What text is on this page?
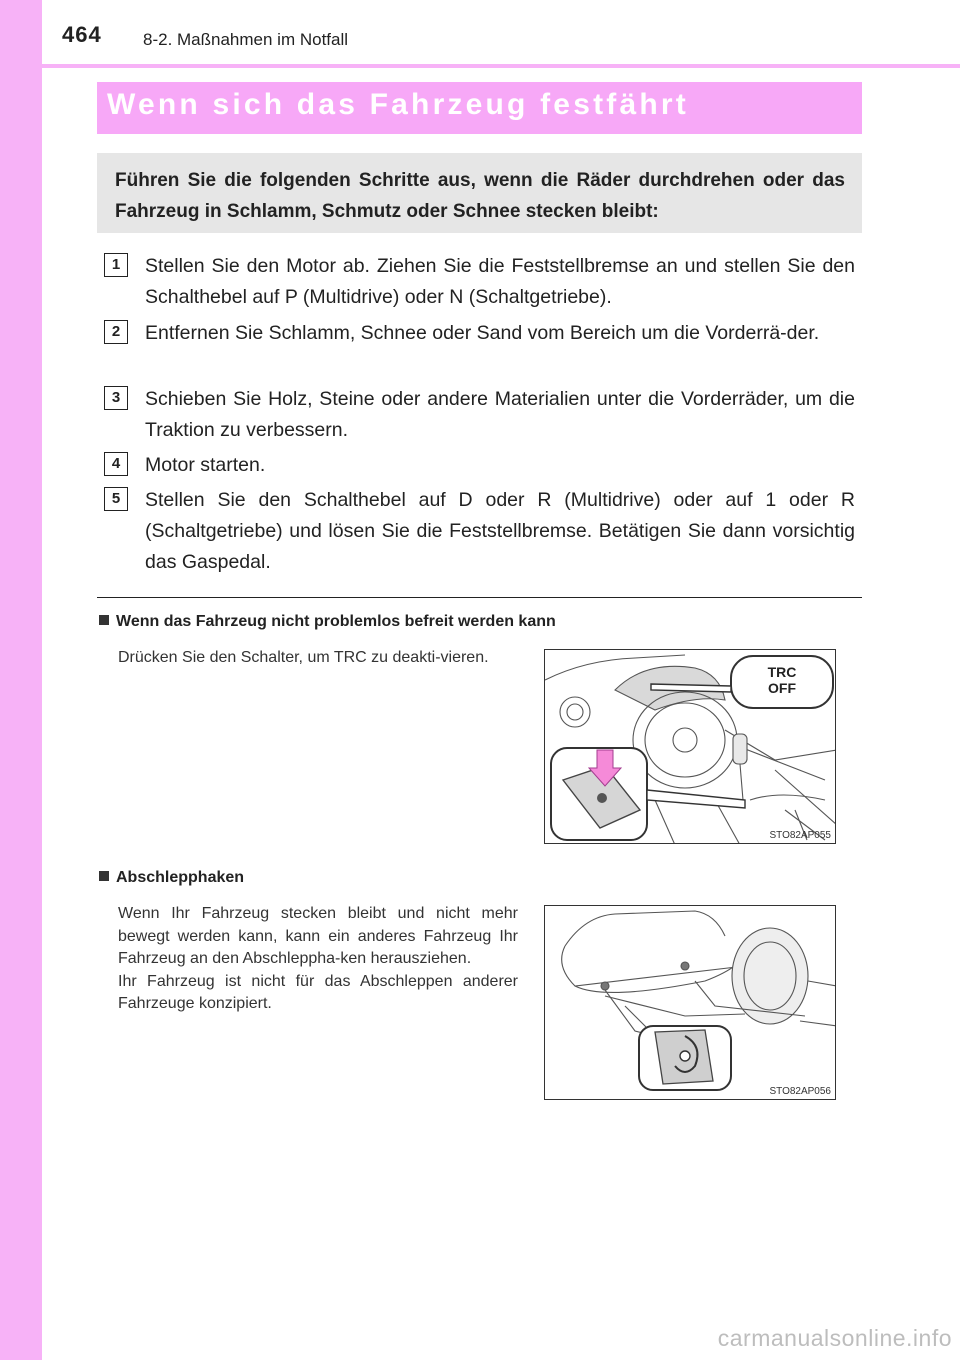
464 8-2. Maßnahmen im Notfall
Wenn sich das Fahrzeug festfährt

Führen Sie die folgenden Schritte aus, wenn die Räder durchdrehen oder das Fahrzeug in Schlamm, Schmutz oder Schnee stecken bleibt:

1	Stellen Sie den Motor ab. Ziehen Sie die Feststellbremse an und stellen Sie den Schalthebel auf P (Multidrive) oder N (Schaltgetriebe).

2	Entfernen Sie Schlamm, Schnee oder Sand vom Bereich um die Vorderrä-der.

3	Schieben Sie Holz, Steine oder andere Materialien unter die Vorderräder, um die Traktion zu verbessern.

4	Motor starten.

5	Stellen Sie den Schalthebel auf D oder R (Multidrive) oder auf 1 oder R (Schaltgetriebe) und lösen Sie die Feststellbremse. Betätigen Sie dann vorsichtig das Gaspedal.

Wenn das Fahrzeug nicht problemlos befreit werden kann

Drücken Sie den Schalter, um TRC zu deakti-vieren.

TRC
OFF
STO82AP055
Abschlepphaken

Wenn Ihr Fahrzeug stecken bleibt und nicht mehr bewegt werden kann, kann ein anderes Fahrzeug Ihr Fahrzeug an den Abschleppha-ken herausziehen.
Ihr Fahrzeug ist nicht für das Abschleppen anderer Fahrzeuge konzipiert.

STO82AP056
carmanualsonline.info
